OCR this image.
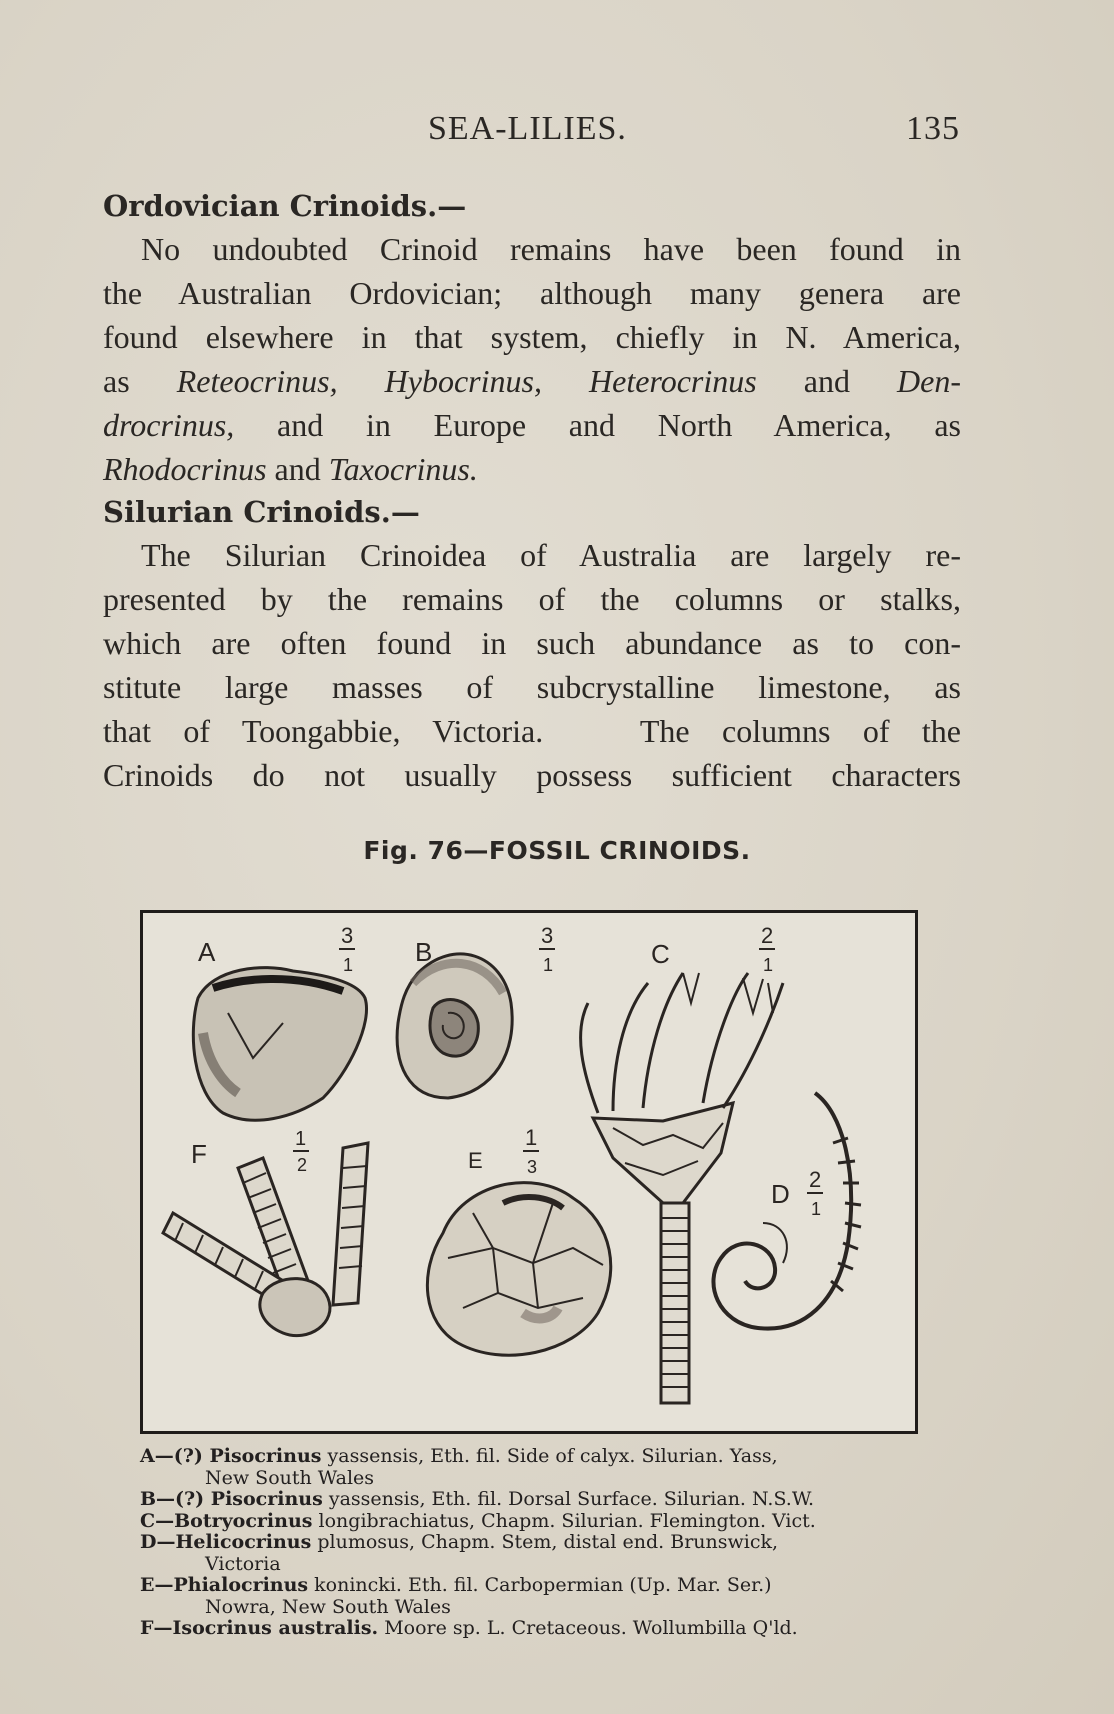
SEA-LILIES.	135
Ordovician Crinoids.—
No undoubted Crinoid remains have been found in
the Australian Ordovician; although many genera are
found elsewhere in that system, chiefly in N. America,
as Reteocrinus, Hybocrinus, Heterocrinus and Den-
drocrinus, and in Europe and North America, as
Rhodocrinus and Taxocrinus.
Silurian Crinoids.—
The Silurian Crinoidea of Australia are largely re-
presented by the remains of the columns or stalks,
which are often found in such abundance as to con-
stitute large masses of subcrystalline limestone, as
that of Toongabbie, Victoria.   The columns of the
Crinoids do not usually possess sufficient characters
Fig. 76—FOSSIL CRINOIDS.
A
3
1 B
3
1	C
2
1
D 2
1
E
1
3
F	1
2
A—(?) Pisocrinus yassensis, Eth. fil. Side of calyx. Silurian. Yass,
New South Wales
B—(?) Pisocrinus yassensis, Eth. fil. Dorsal Surface. Silurian. N.S.W.
C—Botryocrinus longibrachiatus, Chapm. Silurian. Flemington. Vict.
D—Helicocrinus plumosus, Chapm. Stem, distal end. Brunswick,
Victoria
E—Phialocrinus konincki. Eth. fil. Carbopermian (Up. Mar. Ser.)
Nowra, New South Wales
F—Isocrinus australis. Moore sp. L. Cretaceous. Wollumbilla Q'ld.
